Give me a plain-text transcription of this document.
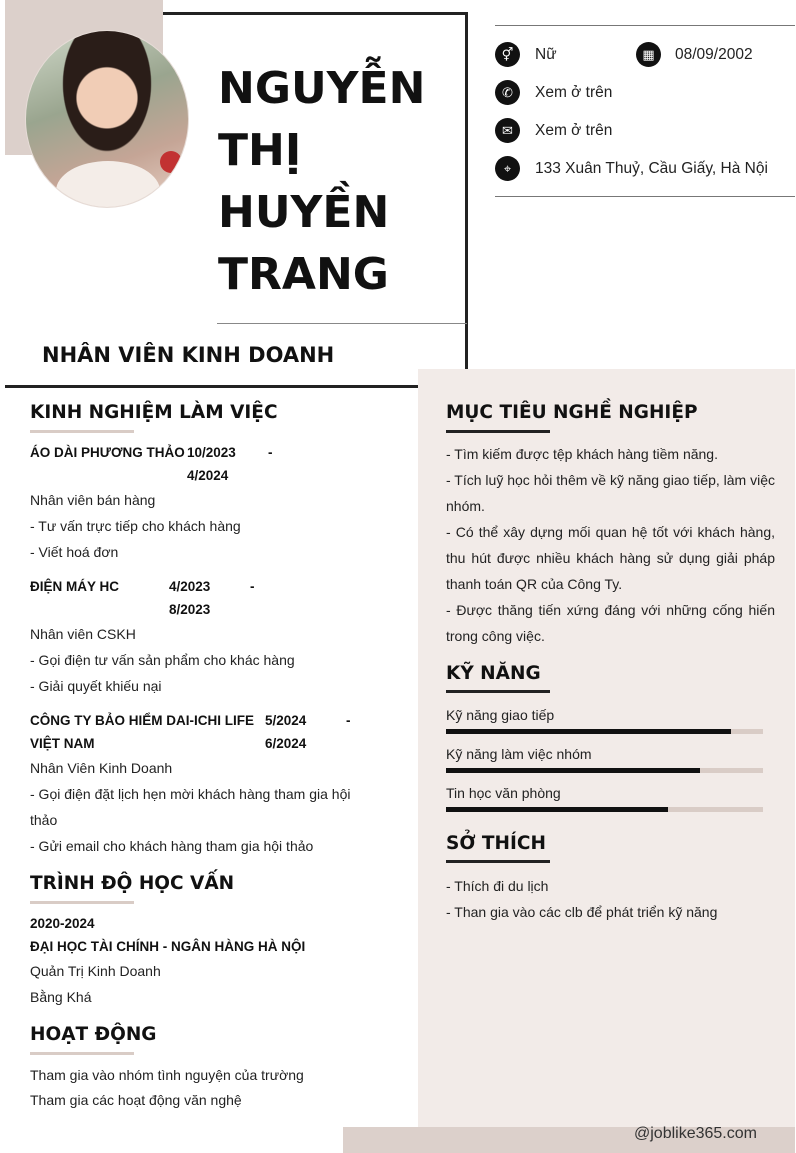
NGUYỄN
THỊ
HUYỀN
TRANG
NHÂN VIÊN KINH DOANH
⚥	Nữ	▦	08/09/2002
✆	Xem ở trên
✉	Xem ở trên
⌖	133 Xuân Thuỷ, Cầu Giấy, Hà Nội
KINH NGHIỆM LÀM VIỆC
ÁO DÀI PHƯƠNG THẢO 10/2023 -
4/2024
Nhân viên bán hàng
- Tư vấn trực tiếp cho khách hàng
- Viết hoá đơn
ĐIỆN MÁY HC	4/2023	-
8/2023
Nhân viên CSKH
- Gọi điện tư vấn sản phẩm cho khác hàng
- Giải quyết khiếu nại
CÔNG TY BẢO HIỂM DAI-ICHI LIFE
VIỆT NAM
5/2024	-
6/2024
Nhân Viên Kinh Doanh
- Gọi điện đặt lịch hẹn mời khách hàng tham gia hội
thảo
- Gửi email cho khách hàng tham gia hội thảo
TRÌNH ĐỘ HỌC VẤN
2020-2024
ĐẠI HỌC TÀI CHÍNH - NGÂN HÀNG HÀ NỘI
Quản Trị Kinh Doanh
Bằng Khá
HOẠT ĐỘNG
Tham gia vào nhóm tình nguyện của trường
Tham gia các hoạt động văn nghệ
MỤC TIÊU NGHỀ NGHIỆP
- Tìm kiếm được tệp khách hàng tiềm năng.
- Tích luỹ học hỏi thêm về kỹ năng giao tiếp, làm việc nhóm.
- Có thể xây dựng mối quan hệ tốt với khách hàng, thu hút được nhiều khách hàng sử dụng giải pháp thanh toán QR của Công Ty.
- Được thăng tiến xứng đáng với những cống hiến trong công việc.
KỸ NĂNG
Kỹ năng giao tiếp
Kỹ năng làm việc nhóm
Tin học văn phòng
SỞ THÍCH
- Thích đi du lịch
- Than gia vào các clb để phát triển kỹ năng
@joblike365.com
